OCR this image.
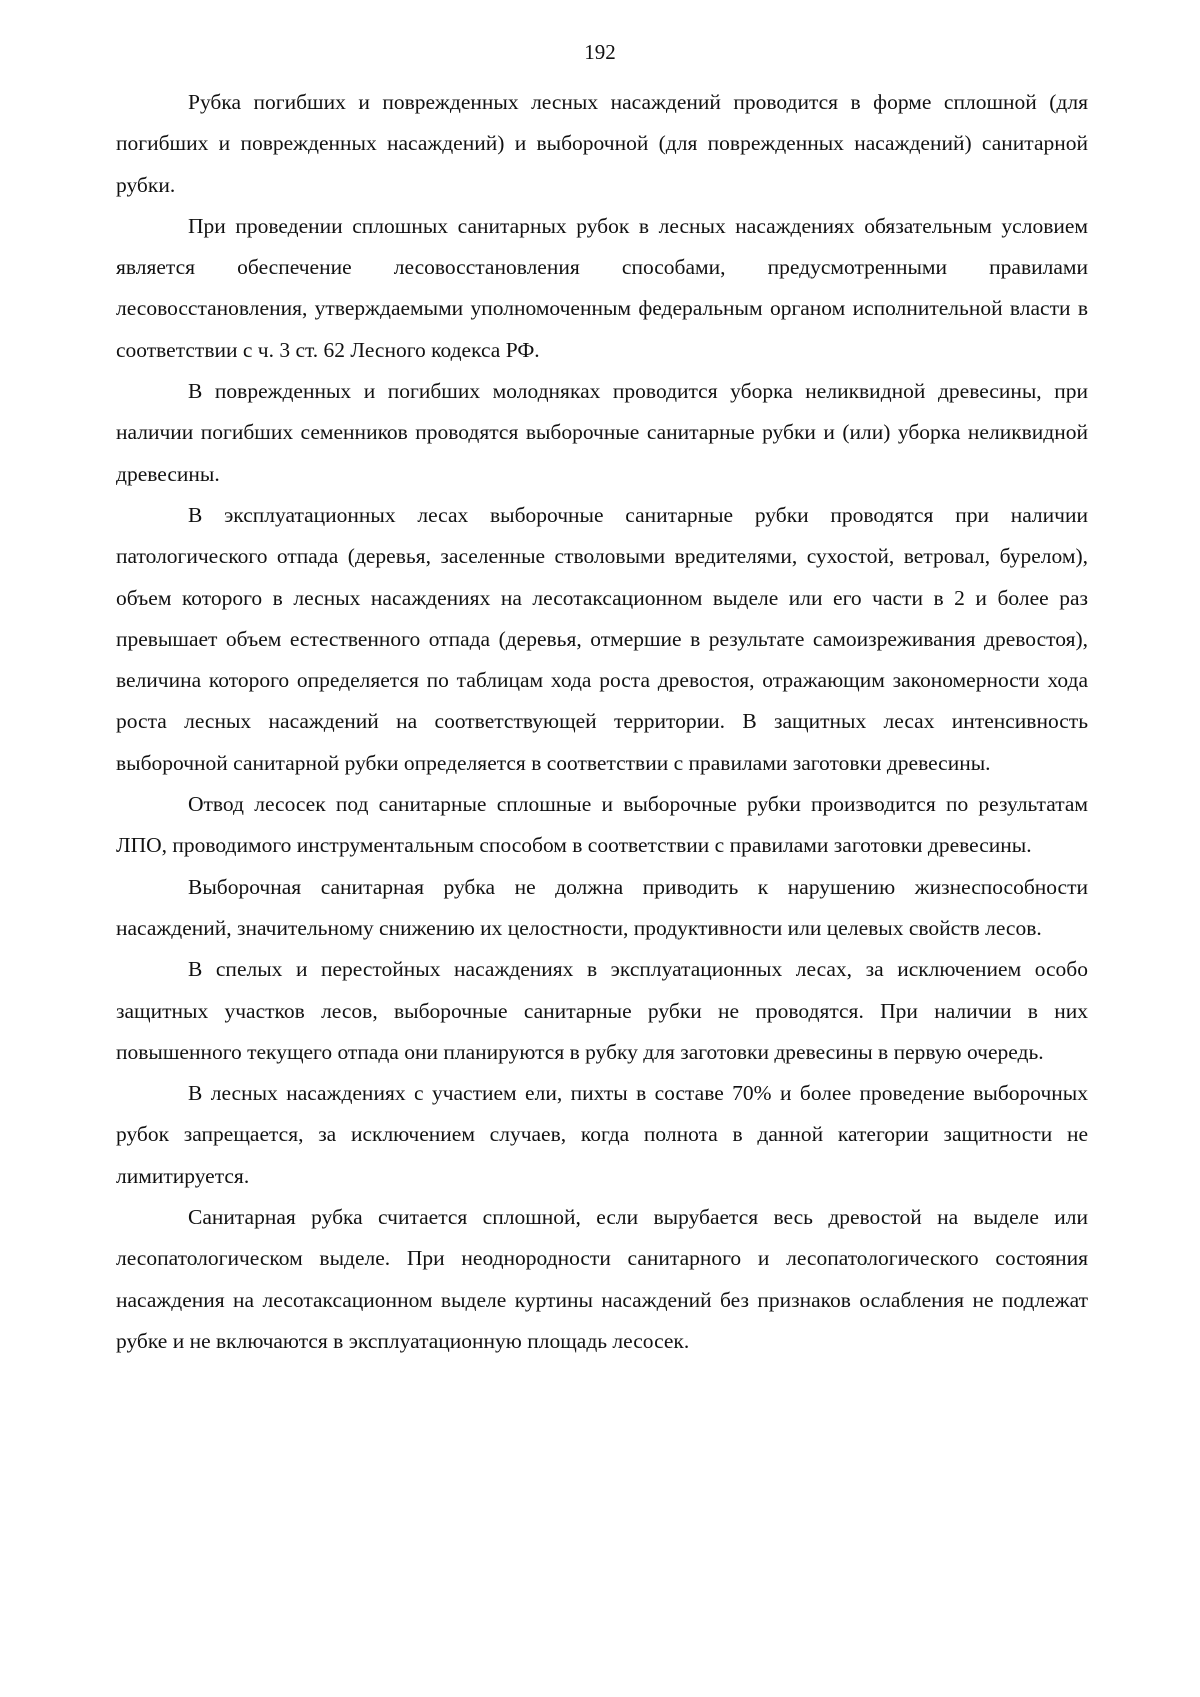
192

Рубка погибших и поврежденных лесных насаждений проводится в форме сплошной (для погибших и поврежденных насаждений) и выборочной (для поврежденных насаждений) санитарной рубки.

При проведении сплошных санитарных рубок в лесных насаждениях обязательным условием является обеспечение лесовосстановления способами, предусмотренными правилами лесовосстановления, утверждаемыми уполномоченным федеральным органом исполнительной власти в соответствии с ч. 3 ст. 62 Лесного кодекса РФ.

В поврежденных и погибших молодняках проводится уборка неликвидной древесины, при наличии погибших семенников проводятся выборочные санитарные рубки и (или) уборка неликвидной древесины.

В эксплуатационных лесах выборочные санитарные рубки проводятся при наличии патологического отпада (деревья, заселенные стволовыми вредителями, сухостой, ветровал, бурелом), объем которого в лесных насаждениях на лесотаксационном выделе или его части в 2 и более раз превышает объем естественного отпада (деревья, отмершие в результате самоизреживания древостоя), величина которого определяется по таблицам хода роста древостоя, отражающим закономерности хода роста лесных насаждений на соответствующей территории. В защитных лесах интенсивность выборочной санитарной рубки определяется в соответствии с правилами заготовки древесины.

Отвод лесосек под санитарные сплошные и выборочные рубки производится по результатам ЛПО, проводимого инструментальным способом в соответствии с правилами заготовки древесины.

Выборочная санитарная рубка не должна приводить к нарушению жизнеспособности насаждений, значительному снижению их целостности, продуктивности или целевых свойств лесов.

В спелых и перестойных насаждениях в эксплуатационных лесах, за исключением особо защитных участков лесов, выборочные санитарные рубки не проводятся. При наличии в них повышенного текущего отпада они планируются в рубку для заготовки древесины в первую очередь.

В лесных насаждениях с участием ели, пихты в составе 70% и более проведение выборочных рубок запрещается, за исключением случаев, когда полнота в данной категории защитности не лимитируется.

Санитарная рубка считается сплошной, если вырубается весь древостой на выделе или лесопатологическом выделе. При неоднородности санитарного и лесопатологического состояния насаждения на лесотаксационном выделе куртины насаждений без признаков ослабления не подлежат рубке и не включаются в эксплуатационную площадь лесосек.
